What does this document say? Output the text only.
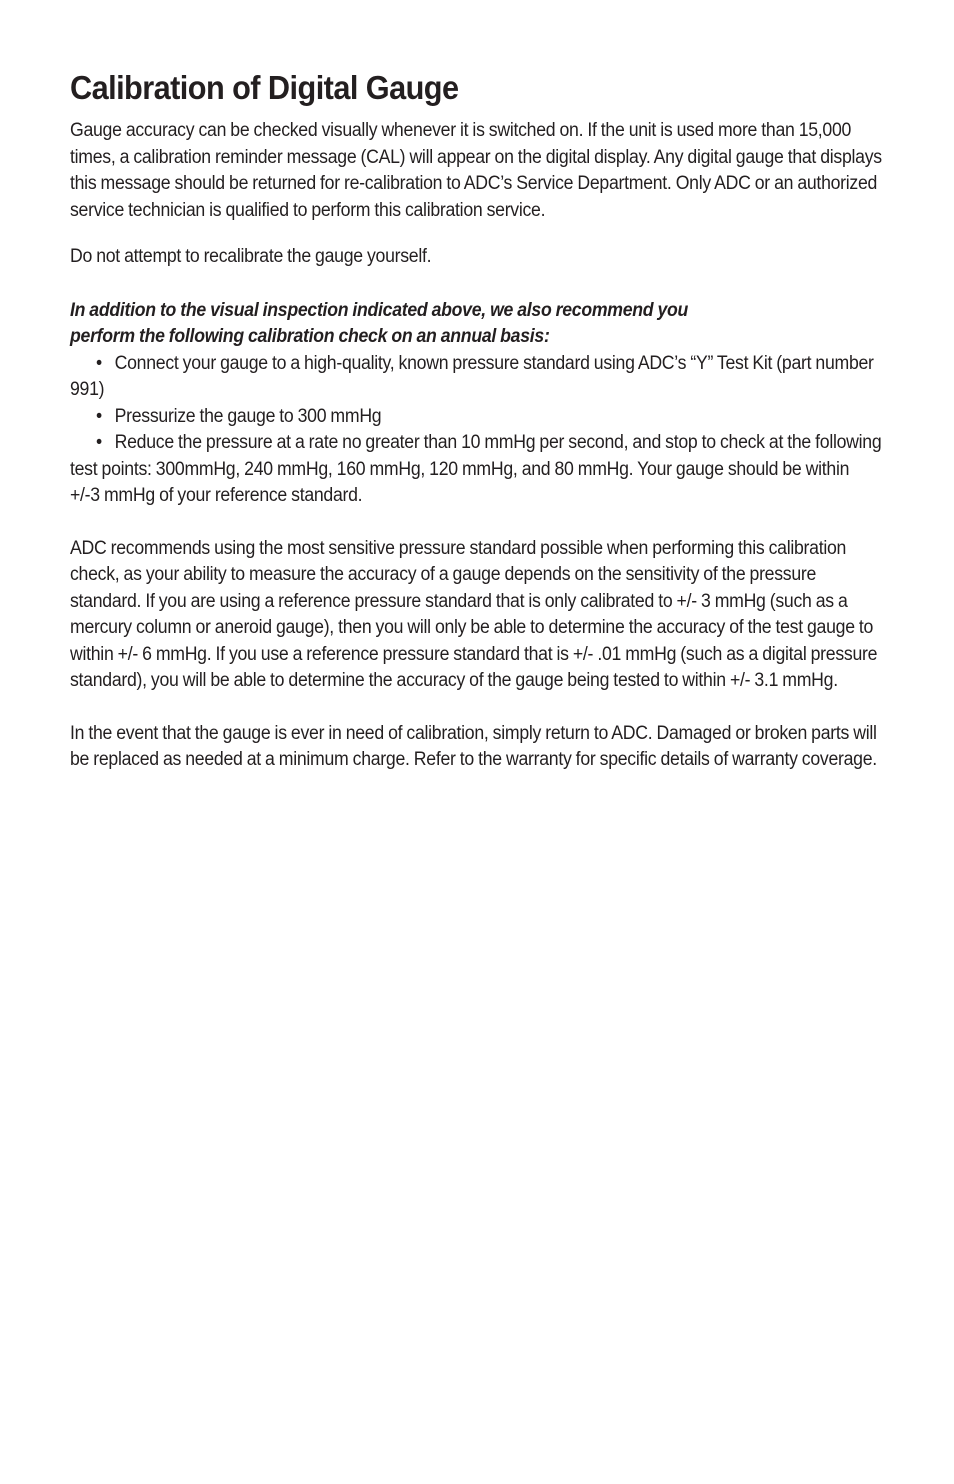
Calibration of Digital Gauge

Gauge accuracy can be checked visually whenever it is switched on. If the unit is used more than 15,000 times, a calibration reminder message (CAL) will appear on the digital display. Any digital gauge that displays this message should be returned for re-calibration to ADC’s Service Department. Only ADC or an authorized service technician is qualified to perform this calibration service.

Do not attempt to recalibrate the gauge yourself.

In addition to the visual inspection indicated above, we also recommend you
perform the following calibration check on an annual basis:

• Connect your gauge to a high-quality, known pressure standard using ADC’s “Y” Test Kit (part number 991)
• Pressurize the gauge to 300 mmHg
• Reduce the pressure at a rate no greater than 10 mmHg per second, and stop to check at the following test points: 300mmHg, 240 mmHg, 160 mmHg, 120 mmHg, and 80 mmHg. Your gauge should be within +/-3 mmHg of your reference standard.

ADC recommends using the most sensitive pressure standard possible when performing this calibration check, as your ability to measure the accuracy of a gauge depends on the sensitivity of the pressure standard. If you are using a reference pressure standard that is only calibrated to +/- 3 mmHg (such as a mercury column or aneroid gauge), then you will only be able to determine the accuracy of the test gauge to within +/- 6 mmHg. If you use a reference pressure standard that is +/- .01 mmHg (such as a digital pressure standard), you will be able to determine the accuracy of the gauge being tested to within +/- 3.1 mmHg.

In the event that the gauge is ever in need of calibration, simply return to ADC. Damaged or broken parts will be replaced as needed at a minimum charge. Refer to the warranty for specific details of warranty coverage.
